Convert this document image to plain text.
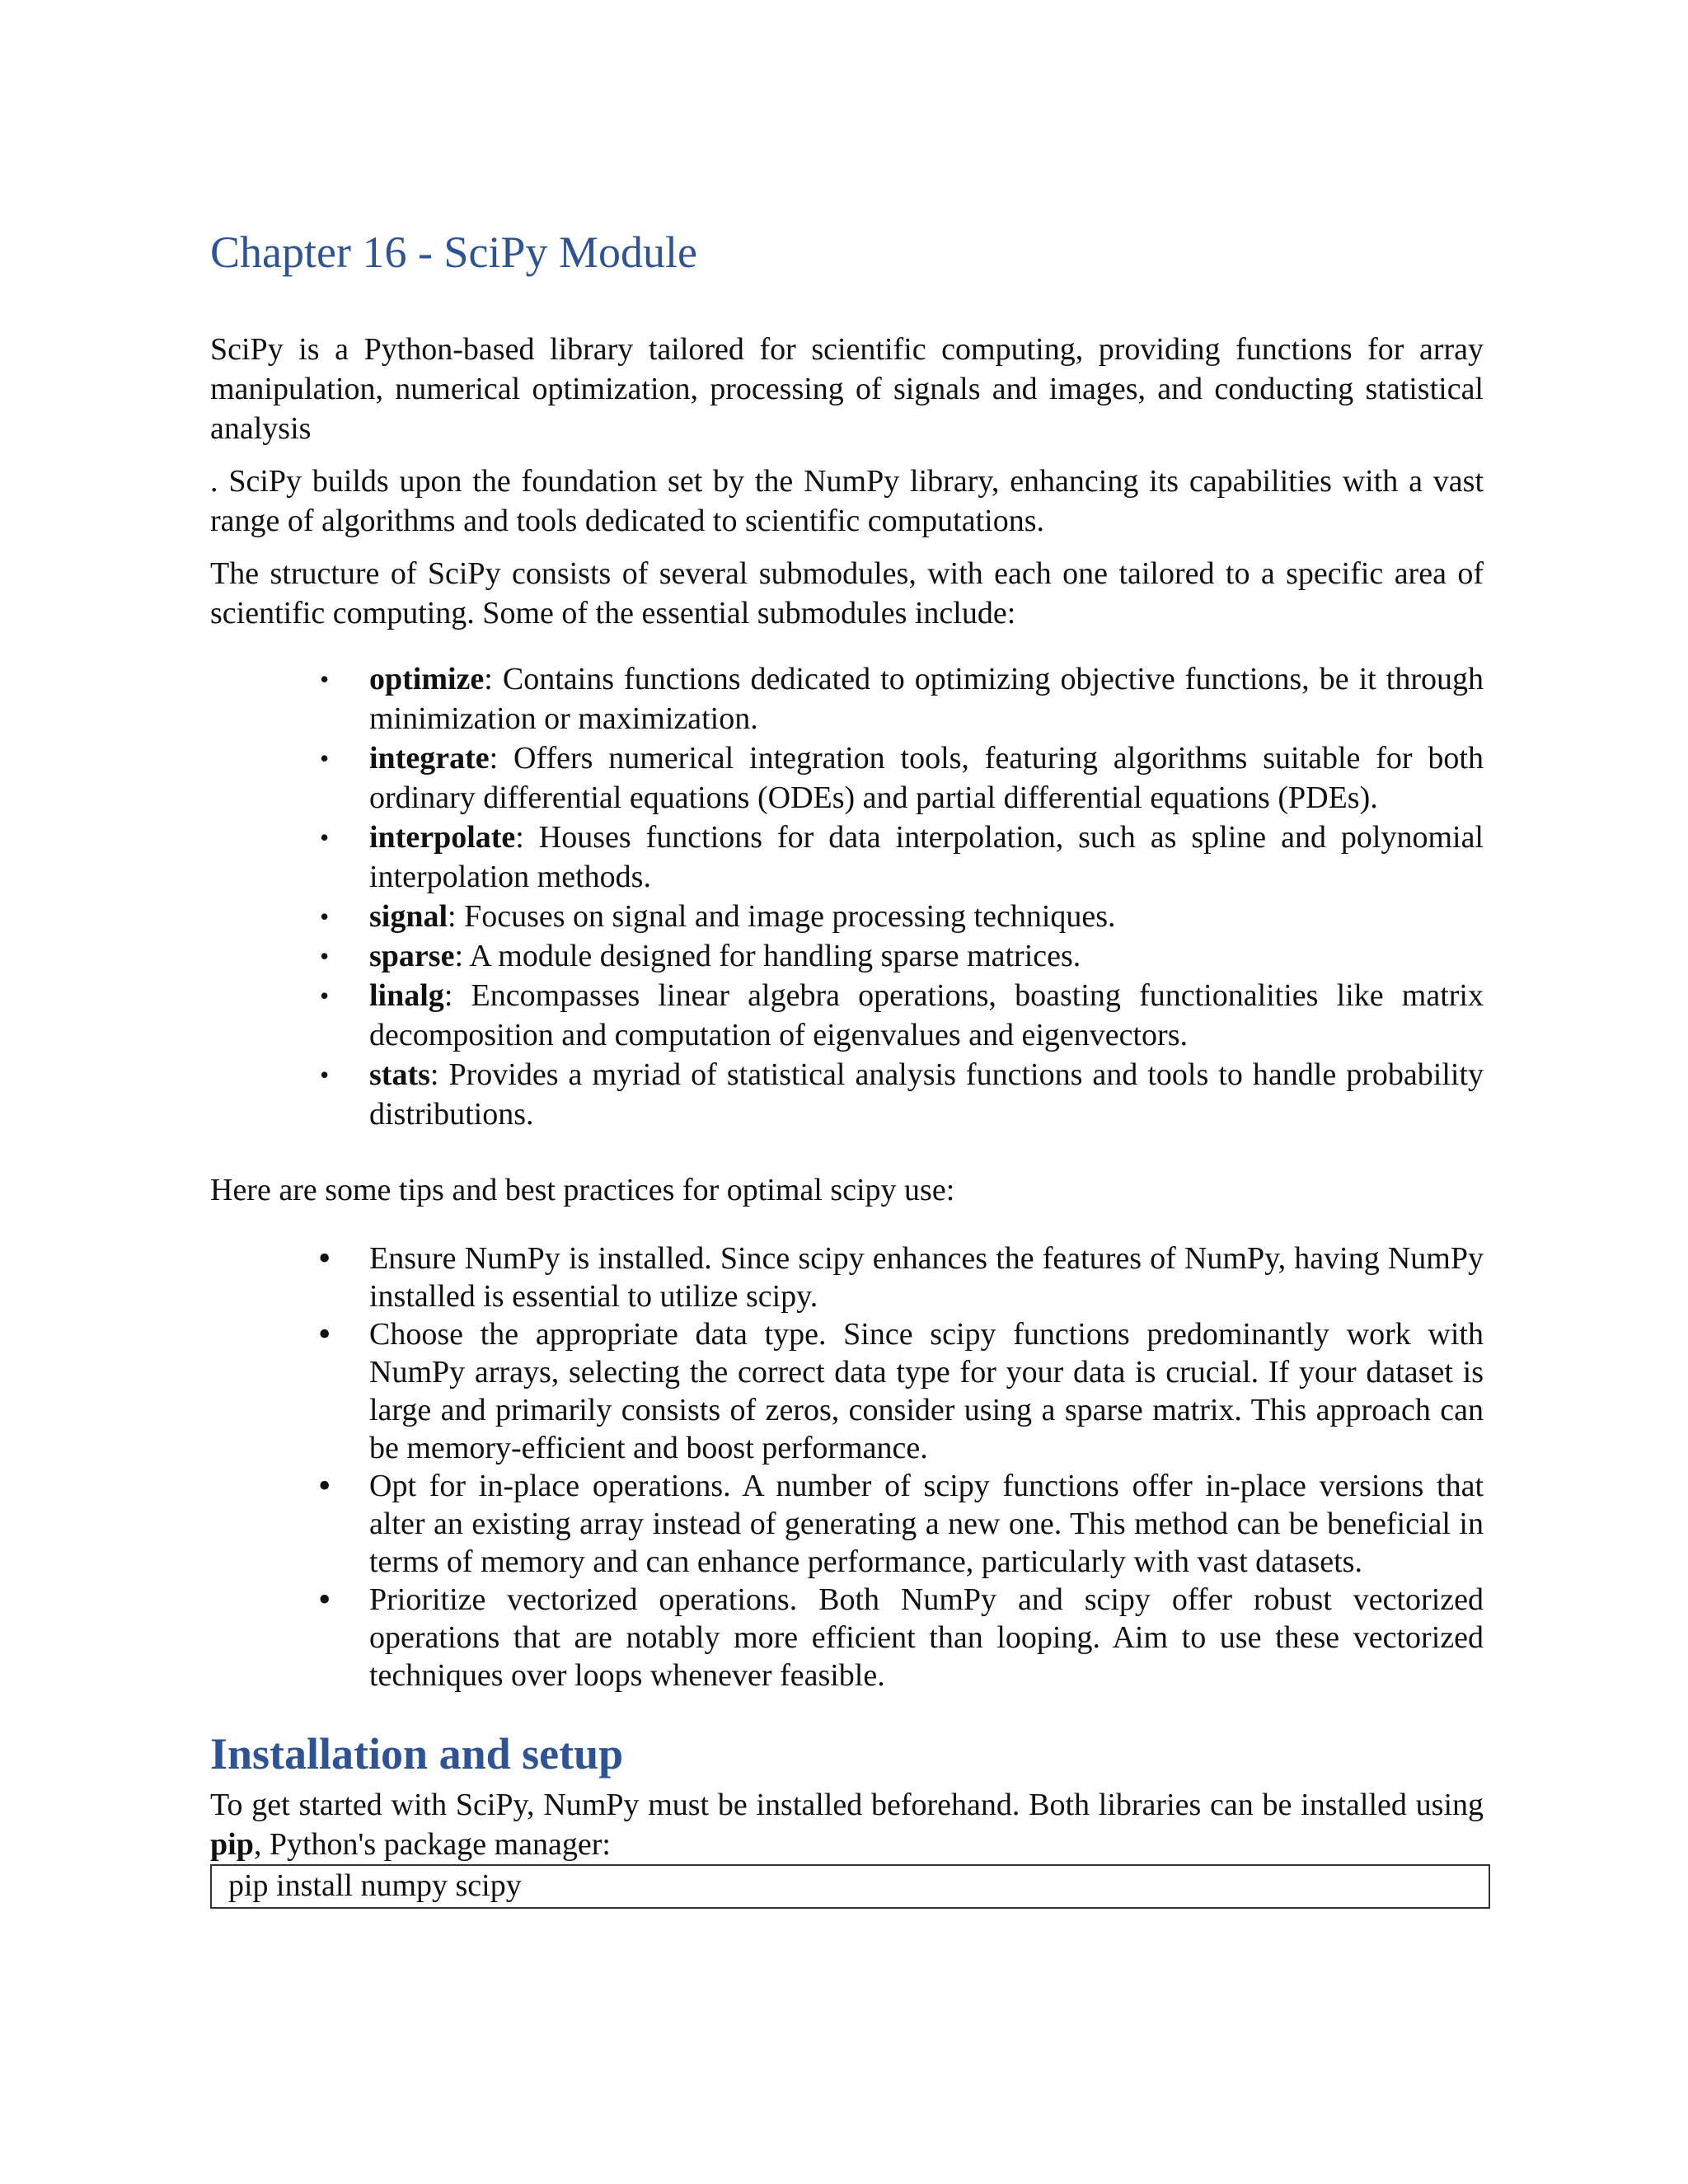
Chapter 16 - SciPy Module

SciPy is a Python-based library tailored for scientific computing, providing functions for array manipulation, numerical optimization, processing of signals and images, and conducting statistical analysis

. SciPy builds upon the foundation set by the NumPy library, enhancing its capabilities with a vast range of algorithms and tools dedicated to scientific computations.

The structure of SciPy consists of several submodules, with each one tailored to a specific area of scientific computing. Some of the essential submodules include:

• optimize: Contains functions dedicated to optimizing objective functions, be it through minimization or maximization.
• integrate: Offers numerical integration tools, featuring algorithms suitable for both ordinary differential equations (ODEs) and partial differential equations (PDEs).
• interpolate: Houses functions for data interpolation, such as spline and polynomial interpolation methods.
• signal: Focuses on signal and image processing techniques.
• sparse: A module designed for handling sparse matrices.
• linalg: Encompasses linear algebra operations, boasting functionalities like matrix decomposition and computation of eigenvalues and eigenvectors.
• stats: Provides a myriad of statistical analysis functions and tools to handle probability distributions.

Here are some tips and best practices for optimal scipy use:

• Ensure NumPy is installed. Since scipy enhances the features of NumPy, having NumPy installed is essential to utilize scipy.
• Choose the appropriate data type. Since scipy functions predominantly work with NumPy arrays, selecting the correct data type for your data is crucial. If your dataset is large and primarily consists of zeros, consider using a sparse matrix. This approach can be memory-efficient and boost performance.
• Opt for in-place operations. A number of scipy functions offer in-place versions that alter an existing array instead of generating a new one. This method can be beneficial in terms of memory and can enhance performance, particularly with vast datasets.
• Prioritize vectorized operations. Both NumPy and scipy offer robust vectorized operations that are notably more efficient than looping. Aim to use these vectorized techniques over loops whenever feasible.
Installation and setup

To get started with SciPy, NumPy must be installed beforehand. Both libraries can be installed using pip, Python's package manager:

pip install numpy scipy
